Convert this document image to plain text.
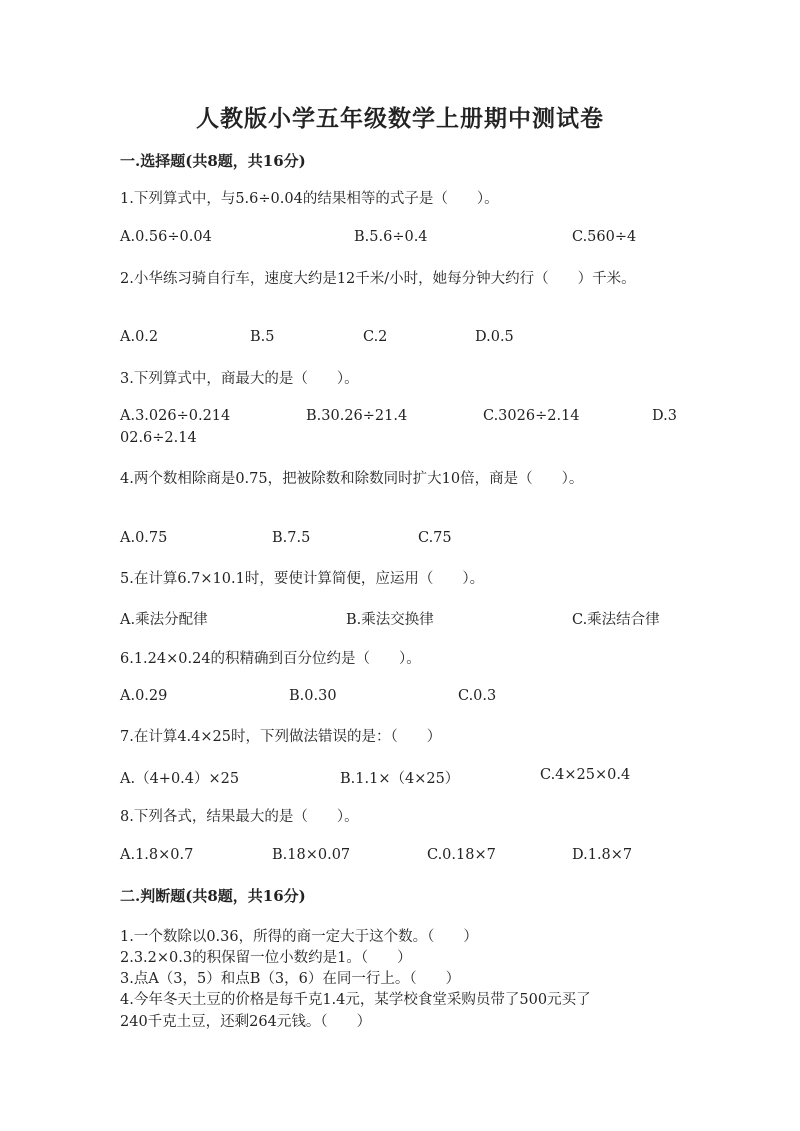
人教版小学五年级数学上册期中测试卷
一.选择题(共8题，共16分)
1.下列算式中，与5.6÷0.04的结果相等的式子是（　　）。
A.0.56÷0.04	B.5.6÷0.4	C.560÷4
2.小华练习骑自行车，速度大约是12千米/小时，她每分钟大约行（　　）千米。
A.0.2	B.5	C.2	D.0.5
3.下列算式中，商最大的是（　　）。
A.3.026÷0.214	B.30.26÷21.4	C.3026÷2.14	D.3
02.6÷2.14
4.两个数相除商是0.75，把被除数和除数同时扩大10倍，商是（　　）。
A.0.75	B.7.5	C.75
5.在计算6.7×10.1时，要使计算简便，应运用（　　）。
A.乘法分配律	B.乘法交换律	C.乘法结合律
6.1.24×0.24的积精确到百分位约是（　　）。
A.0.29	B.0.30	C.0.3
7.在计算4.4×25时，下列做法错误的是：（　　）
A.（4+0.4）×25	B.1.1×（4×25）	C.4×25×0.4
8.下列各式，结果最大的是（　　）。
A.1.8×0.7	B.18×0.07	C.0.18×7	D.1.8×7
二.判断题(共8题，共16分)
1.一个数除以0.36，所得的商一定大于这个数。（　　）
2.3.2×0.3的积保留一位小数约是1。（　　）
3.点A（3，5）和点B（3，6）在同一行上。（　　）
4.今年冬天土豆的价格是每千克1.4元，某学校食堂采购员带了500元买了
240千克土豆，还剩264元钱。（　　）
